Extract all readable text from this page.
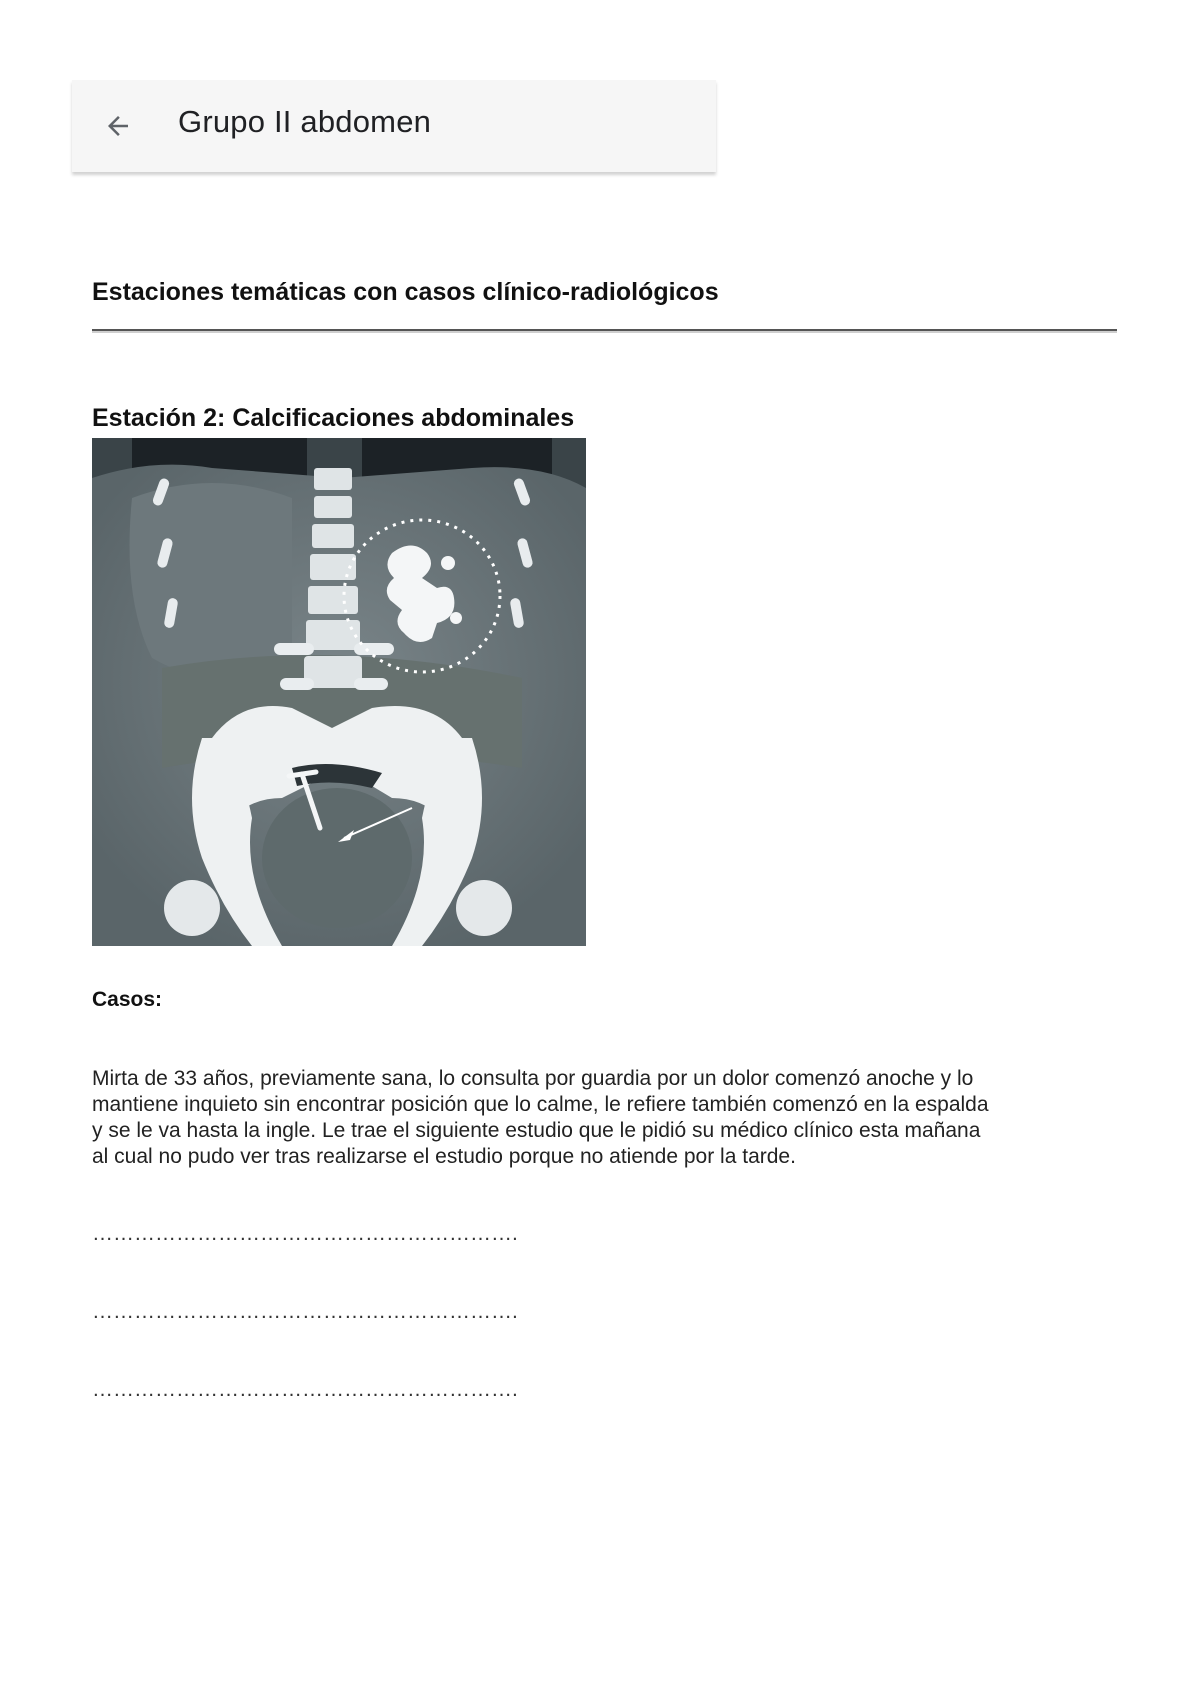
Grupo II abdomen
Estaciones temáticas con casos clínico-radiológicos
Estación 2: Calcificaciones abdominales
Casos:

Mirta de 33 años, previamente sana, lo consulta por guardia por un dolor comenzó anoche y lo

mantiene inquieto sin encontrar posición que lo calme, le refiere también comenzó en la espalda

y se le va hasta la ingle. Le trae el siguiente estudio que le pidió su médico clínico esta mañana

al cual no pudo ver tras realizarse el estudio porque no atiende por la tarde.

…………………………………………………….
…………………………………………………….
…………………………………………………….
